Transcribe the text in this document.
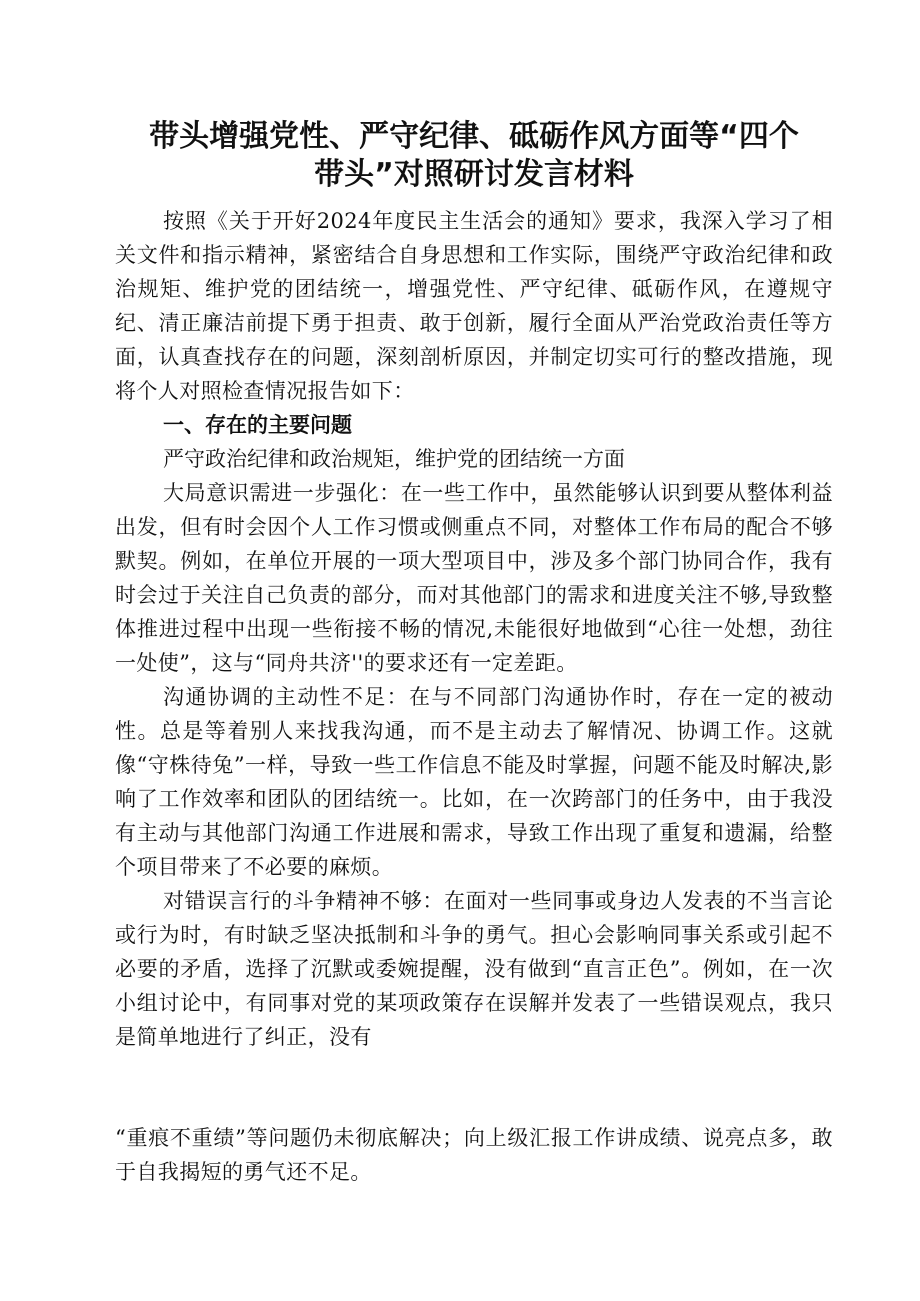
带头增强党性、严守纪律、砥砺作风方面等“四个
带头”对照研讨发言材料

按照《关于开好2024年度民主生活会的通知》要求，我深入学习了相关文件和指示精神，紧密结合自身思想和工作实际，围绕严守政治纪律和政治规矩、维护党的团结统一，增强党性、严守纪律、砥砺作风，在遵规守纪、清正廉洁前提下勇于担责、敢于创新，履行全面从严治党政治责任等方面，认真查找存在的问题，深刻剖析原因，并制定切实可行的整改措施，现将个人对照检查情况报告如下：

一、存在的主要问题

严守政治纪律和政治规矩，维护党的团结统一方面

大局意识需进一步强化：在一些工作中，虽然能够认识到要从整体利益出发，但有时会因个人工作习惯或侧重点不同，对整体工作布局的配合不够默契。例如，在单位开展的一项大型项目中，涉及多个部门协同合作，我有时会过于关注自己负责的部分，而对其他部门的需求和进度关注不够,导致整体推进过程中出现一些衔接不畅的情况,未能很好地做到“心往一处想，劲往一处使”，这与“同舟共济''的要求还有一定差距。

沟通协调的主动性不足：在与不同部门沟通协作时，存在一定的被动性。总是等着别人来找我沟通，而不是主动去了解情况、协调工作。这就像“守株待兔”一样，导致一些工作信息不能及时掌握，问题不能及时解决,影响了工作效率和团队的团结统一。比如，在一次跨部门的任务中，由于我没有主动与其他部门沟通工作进展和需求，导致工作出现了重复和遗漏，给整个项目带来了不必要的麻烦。

对错误言行的斗争精神不够：在面对一些同事或身边人发表的不当言论或行为时，有时缺乏坚决抵制和斗争的勇气。担心会影响同事关系或引起不必要的矛盾，选择了沉默或委婉提醒，没有做到“直言正色”。例如，在一次小组讨论中，有同事对党的某项政策存在误解并发表了一些错误观点，我只是简单地进行了纠正，没有

“重痕不重绩”等问题仍未彻底解决；向上级汇报工作讲成绩、说亮点多，敢于自我揭短的勇气还不足。
